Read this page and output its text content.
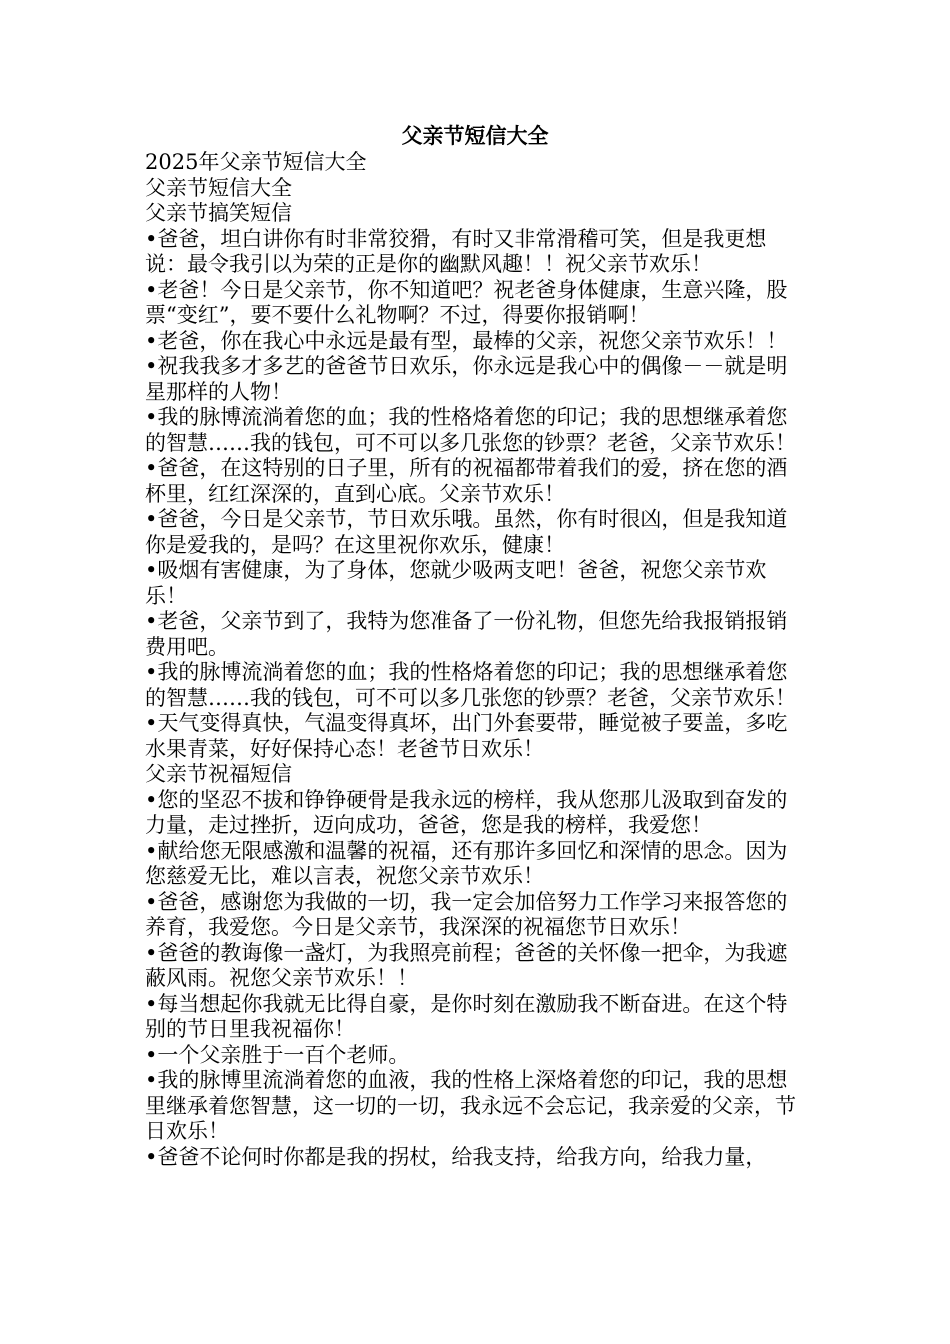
父亲节短信大全

2025年父亲节短信大全

父亲节短信大全

父亲节搞笑短信

•爸爸，坦白讲你有时非常狡猾，有时又非常滑稽可笑，但是我更想说：最令我引以为荣的正是你的幽默风趣！！祝父亲节欢乐！

•老爸！今日是父亲节，你不知道吧？祝老爸身体健康，生意兴隆，股票“变红”，要不要什么礼物啊？不过，得要你报销啊！

•老爸，你在我心中永远是最有型，最棒的父亲，祝您父亲节欢乐！！

•祝我我多才多艺的爸爸节日欢乐，你永远是我心中的偶像－－就是明星那样的人物！

•我的脉博流淌着您的血；我的性格烙着您的印记；我的思想继承着您的智慧……我的钱包，可不可以多几张您的钞票？老爸，父亲节欢乐！

•爸爸，在这特别的日子里，所有的祝福都带着我们的爱，挤在您的酒杯里，红红深深的，直到心底。父亲节欢乐！

•爸爸，今日是父亲节，节日欢乐哦。虽然，你有时很凶，但是我知道你是爱我的，是吗？在这里祝你欢乐，健康！

•吸烟有害健康，为了身体，您就少吸两支吧！爸爸，祝您父亲节欢乐！

•老爸，父亲节到了，我特为您准备了一份礼物，但您先给我报销报销费用吧。

•我的脉博流淌着您的血；我的性格烙着您的印记；我的思想继承着您的智慧……我的钱包，可不可以多几张您的钞票？老爸，父亲节欢乐！

•天气变得真快，气温变得真坏，出门外套要带，睡觉被子要盖，多吃水果青菜，好好保持心态！老爸节日欢乐！

父亲节祝福短信

•您的坚忍不拔和铮铮硬骨是我永远的榜样，我从您那儿汲取到奋发的力量，走过挫折，迈向成功，爸爸，您是我的榜样，我爱您！

•献给您无限感激和温馨的祝福，还有那许多回忆和深情的思念。因为您慈爱无比，难以言表，祝您父亲节欢乐！

•爸爸，感谢您为我做的一切，我一定会加倍努力工作学习来报答您的养育，我爱您。今日是父亲节，我深深的祝福您节日欢乐！

•爸爸的教诲像一盏灯，为我照亮前程；爸爸的关怀像一把伞，为我遮蔽风雨。祝您父亲节欢乐！！

•每当想起你我就无比得自豪，是你时刻在激励我不断奋进。在这个特别的节日里我祝福你！

•一个父亲胜于一百个老师。

•我的脉博里流淌着您的血液，我的性格上深烙着您的印记，我的思想里继承着您智慧，这一切的一切，我永远不会忘记，我亲爱的父亲，节日欢乐！

•爸爸不论何时你都是我的拐杖，给我支持，给我方向，给我力量，
